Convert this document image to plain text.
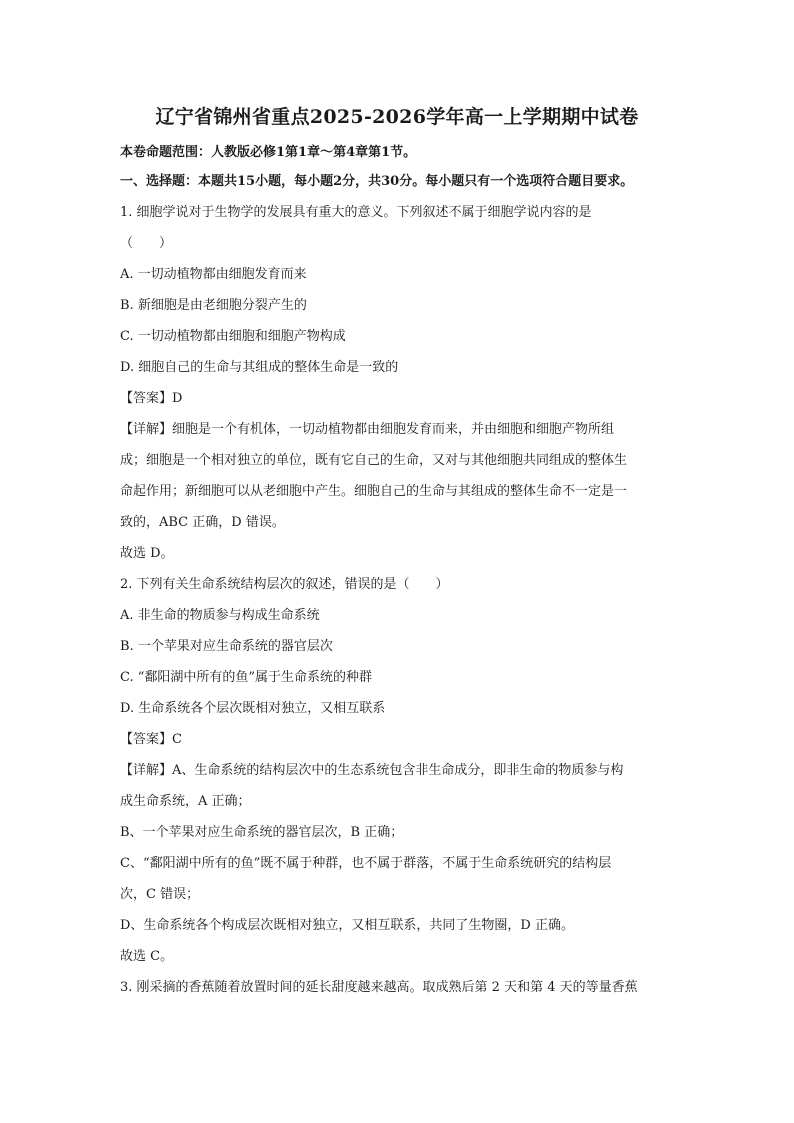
辽宁省锦州省重点2025-2026学年高一上学期期中试卷
本卷命题范围：人教版必修1第1章～第4章第1节。
一、选择题：本题共15小题，每小题2分，共30分。每小题只有一个选项符合题目要求。
1. 细胞学说对于生物学的发展具有重大的意义。下列叙述不属于细胞学说内容的是
（　　）
A. 一切动植物都由细胞发育而来
B. 新细胞是由老细胞分裂产生的
C. 一切动植物都由细胞和细胞产物构成
D. 细胞自己的生命与其组成的整体生命是一致的
【答案】D
【详解】细胞是一个有机体，一切动植物都由细胞发育而来，并由细胞和细胞产物所组
成；细胞是一个相对独立的单位，既有它自己的生命，又对与其他细胞共同组成的整体生
命起作用；新细胞可以从老细胞中产生。细胞自己的生命与其组成的整体生命不一定是一
致的，ABC 正确，D 错误。
故选 D。
2. 下列有关生命系统结构层次的叙述，错误的是（　　）
A. 非生命的物质参与构成生命系统
B. 一个苹果对应生命系统的器官层次
C. “鄱阳湖中所有的鱼”属于生命系统的种群
D. 生命系统各个层次既相对独立，又相互联系
【答案】C
【详解】A、生命系统的结构层次中的生态系统包含非生命成分，即非生命的物质参与构
成生命系统，A 正确；
B、一个苹果对应生命系统的器官层次，B 正确；
C、“鄱阳湖中所有的鱼”既不属于种群，也不属于群落，不属于生命系统研究的结构层
次，C 错误；
D、生命系统各个构成层次既相对独立，又相互联系，共同了生物圈，D 正确。
故选 C。
3. 刚采摘的香蕉随着放置时间的延长甜度越来越高。取成熟后第 2 天和第 4 天的等量香蕉
